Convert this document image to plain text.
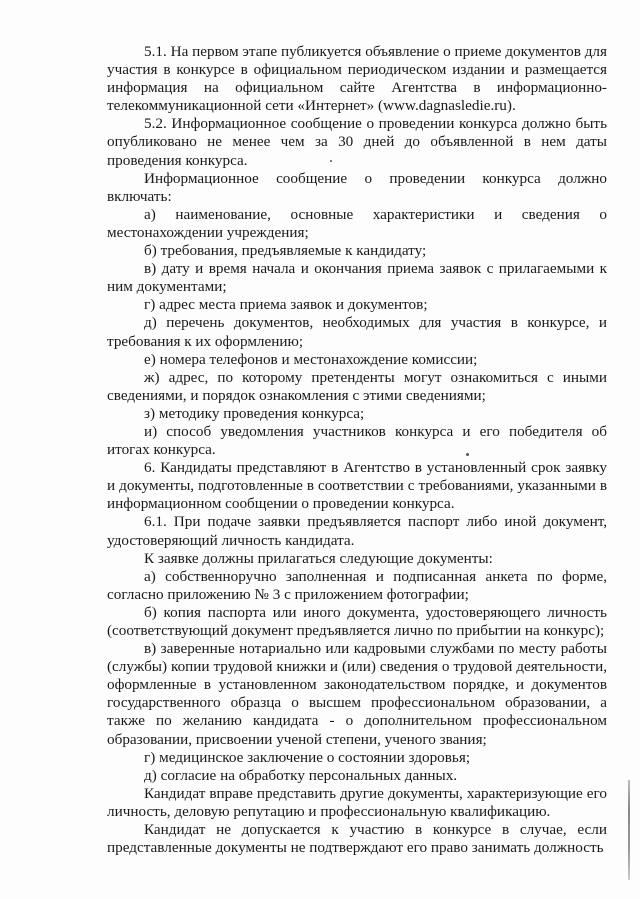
5.1. На первом этапе публикуется объявление о приеме документов для участия в конкурсе в официальном периодическом издании и размещается информация на официальном сайте Агентства в информационно-телекоммуникационной сети «Интернет» (www.dagnasledie.ru).

5.2. Информационное сообщение о проведении конкурса должно быть опубликовано не менее чем за 30 дней до объявленной в нем даты проведения конкурса.

Информационное сообщение о проведении конкурса должно включать:

а) наименование, основные характеристики и сведения о местонахождении учреждения;

б) требования, предъявляемые к кандидату;

в) дату и время начала и окончания приема заявок с прилагаемыми к ним документами;

г) адрес места приема заявок и документов;

д) перечень документов, необходимых для участия в конкурсе, и требования к их оформлению;

е) номера телефонов и местонахождение комиссии;

ж) адрес, по которому претенденты могут ознакомиться с иными сведениями, и порядок ознакомления с этими сведениями;

з) методику проведения конкурса;

и) способ уведомления участников конкурса и его победителя об итогах конкурса.

6. Кандидаты представляют в Агентство в установленный срок заявку и документы, подготовленные в соответствии с требованиями, указанными в информационном сообщении о проведении конкурса.

6.1. При подаче заявки предъявляется паспорт либо иной документ, удостоверяющий личность кандидата.

К заявке должны прилагаться следующие документы:

а) собственноручно заполненная и подписанная анкета по форме, согласно приложению № 3 с приложением фотографии;

б) копия паспорта или иного документа, удостоверяющего личность (соответствующий документ предъявляется лично по прибытии на конкурс);

в) заверенные нотариально или кадровыми службами по месту работы (службы) копии трудовой книжки и (или) сведения о трудовой деятельности, оформленные в установленном законодательством порядке, и документов государственного образца о высшем профессиональном образовании, а также по желанию кандидата - о дополнительном профессиональном образовании, присвоении ученой степени, ученого звания;

г) медицинское заключение о состоянии здоровья;

д) согласие на обработку персональных данных.

Кандидат вправе представить другие документы, характеризующие его личность, деловую репутацию и профессиональную квалификацию.

Кандидат не допускается к участию в конкурсе в случае, если представленные документы не подтверждают его право занимать должность
